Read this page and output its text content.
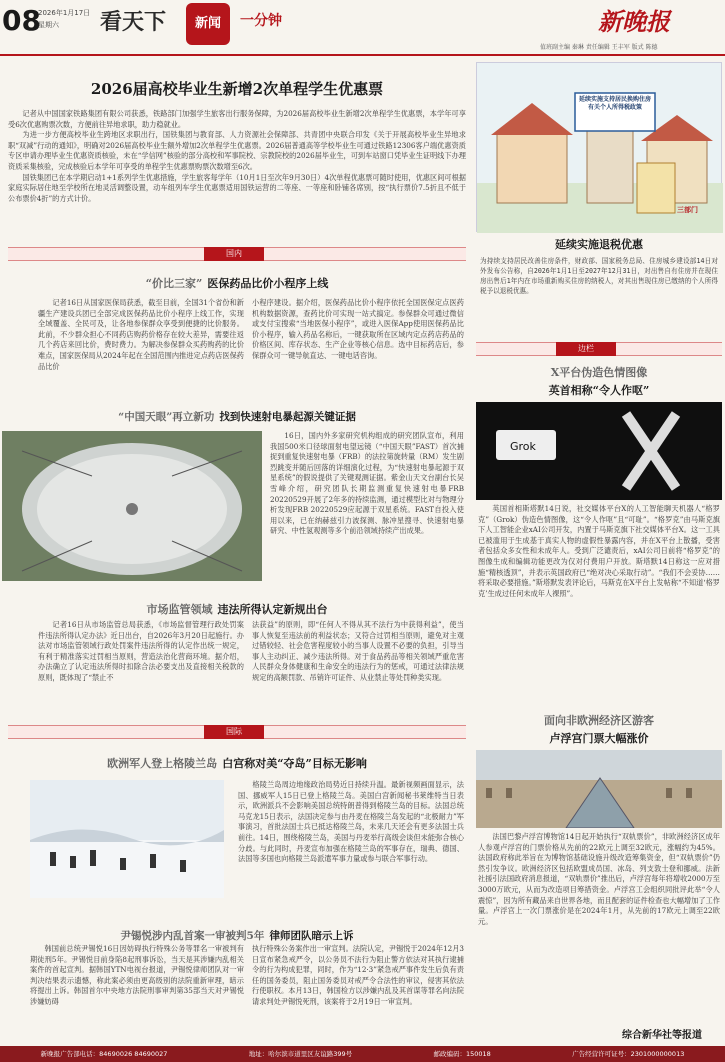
08
2026年1月17日
星期六 看天下	新闻	一分钟	新晚报
值班副主编 秦琳 责任编辑 王丰军 版式 陈德
2026届高校毕业生新增2次单程学生优惠票

记者从中国国家铁路集团有限公司获悉，铁路部门加强学生旅客出行服务保障，为2026届高校毕业生新增2次单程学生优惠票，本学年可享受6次优惠购票次数，方便前往异地求职，助力稳就业。

为进一步方便高校毕业生跨地区求职出行，国铁集团与教育部、人力资源社会保障部、共青团中央联合印发《关于开展高校毕业生异地求职“双减”行动的通知》，明确对2026届高校毕业生额外增加2次单程学生优惠票。2026届普通高等学校毕业生可通过铁路12306客户端优惠资质专区申请办理毕业生优惠资质核验，未在“学信网”核验的部分高校和军事院校、宗教院校的2026届毕业生，可到车站窗口凭毕业生证明线下办理资质采集核验，完成核验后本学年可享受的单程学生优惠票购票次数增至6次。

国铁集团已在本学期启动1+1系列学生优惠措施，学生旅客每学年（10月1日至次年9月30日）4次单程优惠票可随时使用，优惠区间可根据家庭实际居住地至学校所在地灵活调整设置，动车组列车学生优惠票适用国铁运营的二等座、一等座和卧铺各席别，按“执行票价7.5折且不低于公布票价4折”的方式计价。

延续实施支持居民换购住房有关个人所得税政策
三部门
延续实施退税优惠
为持续支持居民改善住房条件，财政部、国家税务总局、住房城乡建设部14日对外发布公告称，自2026年1月1日至2027年12月31日，对出售自有住房并在现住房出售后1年内在市场重新购买住房的纳税人，对其出售现住房已缴纳的个人所得税予以退税优惠。
国内
“价比三家” 医保药品比价小程序上线
记者16日从国家医保局获悉，截至目前，全国31个省份和新疆生产建设兵团已全部完成医保药品比价小程序上线工作，实现全域覆盖、全民可及，让各地参保群众享受到便捷的比价服务。此前，不少群众担心不同药店购药价格存在较大差异，需要往返几个药店来回比价，费时费力。为解决参保群众买药购药的比价难点，国家医保局从2024年起在全国范围内推进定点药店医保药品比价
小程序建设。据介绍，医保药品比价小程序依托全国医保定点医药机构数据资源，查药比价可实现一站式搞定。参保群众可通过微信或支付宝搜索“当地医保小程序”，或进入医保App使用医保药品比价小程序，输入药品名称后，一键获取所在区域内定点药店药品的价格区间、库存状态、生产企业等核心信息。选中目标药店后，参保群众可一键导航直达、一键电话咨询。
“中国天眼”再立新功 找到快速射电暴起源关键证据
16日，国内外多家研究机构组成的研究团队宣布，利用我国500米口径球面射电望远镜（“中国天眼”FAST）首次捕捉到重复快速射电暴（FRB）的法拉第旋转量（RM）发生剧烈跳变并随后回落的详细演化过程，为“快速射电暴起源于双星系统”的假说提供了关键观测证据。紫金山天文台副台长吴雪峰介绍，研究团队长期监测重复快速射电暴FRB 20220529开展了2年多的持续监测，通过模型比对与物理分析发现FRB 20220529应起源于双星系统。FAST自投入使用以来，已在纳赫兹引力波探测、脉冲星搜寻、快速射电暴研究、中性氢观测等多个前沿领域持续产出成果。
市场监管领域 违法所得认定新规出台
记者16日从市场监管总局获悉，《市场监督管理行政处罚案件违法所得认定办法》近日出台，自2026年3月20日起施行。办法对市场监管领域行政处罚案件违法所得的认定作出统一规定，有利于精准落实过罚相当原则，营造法治化营商环境。据介绍，办法确立了认定违法所得时扣除合法必要支出及直接相关税款的原则，既体现了“禁止不
法获益”的原则，即“任何人不得从其不法行为中获得利益”，使当事人恢复至违法前的利益状态；又符合过罚相当原则，避免对主观过错较轻、社会危害程度较小的当事人设置不必要的负担，引导当事人主动纠正、减少违法所得。对于食品药品等相关领域严重危害人民群众身体健康和生命安全的违法行为的惩戒，可通过法律法规规定的高额罚款、吊销许可证件、从业禁止等处罚种类实现。
国际
欧洲军人登上格陵兰岛 白宫称对美“夺岛”目标无影响
格陵兰岛周边地缘政治局势近日持续升温。最新视频画面显示，法国、挪威军人15日已登上格陵兰岛。美国白宫新闻秘书莱维特当日表示，欧洲派兵不会影响美国总统特朗普得到格陵兰岛的目标。法国总统马克龙15日表示，法国决定参与由丹麦在格陵兰岛发起的“北极耐力”军事演习，首批法国士兵已抵达格陵兰岛，未来几天还会有更多法国士兵前往。14日，围绕格陵兰岛，美国与丹麦举行高级会谈但未能弥合核心分歧。与此同时，丹麦宣布加强在格陵兰岛的军事存在，瑞典、德国、法国等多国也向格陵兰岛派遣军事力量或参与联合军事行动。
尹锡悦涉内乱首案一审被判5年 律师团队暗示上诉
韩国前总统尹锡悦16日因妨碍执行特殊公务等罪名一审被判有期徒刑5年。尹锡悦目前身陷8起刑事诉讼，当天是其涉嫌内乱相关案件的首起宣判。据韩国YTN电视台报道，尹锡悦律师团队对一审判决结果表示遗憾，称此案必须由更高级别的法院重新审理，暗示将提出上诉。韩国首尔中央地方法院刑事审判第35部当天对尹锡悦涉嫌妨碍
执行特殊公务案作出一审宣判。法院认定，尹锡悦于2024年12月3日宣布紧急戒严令，以公务员不法行为阻止警方依法对其执行逮捕令的行为构成犯罪，同时，作为“12·3”紧急戒严事件发生后负有责任的国务委员，阻止国务委员对戒严令合法性的审议，侵害其依法行使职权。本月13日，韩国检方以涉嫌内乱及其首谋等罪名向法院请求判处尹锡悦死刑，该案将于2月19日一审宣判。
边栏
X平台伪造色情图像
英首相称“令人作呕”
Grok
英国首相斯塔默14日说，社交媒体平台X的人工智能聊天机器人“格罗克”（Grok）伪造色情图像，这“令人作呕”且“可耻”。“格罗克”由马斯克旗下人工智能企业xAI公司开发，内置于马斯克旗下社交媒体平台X。这一工具已被滥用于生成基于真实人物的虚假性暴露内容，并在X平台上散播，受害者包括众多女性和未成年人。受到广泛谴责后，xAI公司日前将“格罗克”的图像生成和编辑功能更改为仅对付费用户开放。斯塔默14日称这一应对措施“精核透顶”，并表示英国政府已“绝对决心采取行动”。“我们不会妥协……将采取必要措施。”斯塔默发表评论后，马斯克在X平台上发帖称“不知道‘格罗克’生成过任何未成年人裸照”。
面向非欧洲经济区游客
卢浮宫门票大幅涨价
法国巴黎卢浮宫博物馆14日起开始执行“双轨票价”，非欧洲经济区成年人参观卢浮宫的门票价格从先前的22欧元上调至32欧元，涨幅约为45%。法国政府称此举旨在为博物馆基础设施升级改造筹集资金，但“双轨票价”仍然引发争议。欧洲经济区包括欧盟成员国、冰岛、列支敦士登和挪威。法新社援引法国政府消息报道，“双轨票价”推出后，卢浮宫每年将增收2000万至3000万欧元，从而为改造项目筹措资金。卢浮宫工会组织同批评此举“令人震惊”，因为所有藏品来自世界各地，而且配套的证件检查也大幅增加了工作量。卢浮宫上一次门票涨价是在2024年1月，从先前的17欧元上调至22欧元。
综合新华社等报道
新晚报广告部电话：84690026 84690027	地址：哈尔滨市道里区友谊路399号	邮政编码：150018	广告经营许可证号：2301000000013
